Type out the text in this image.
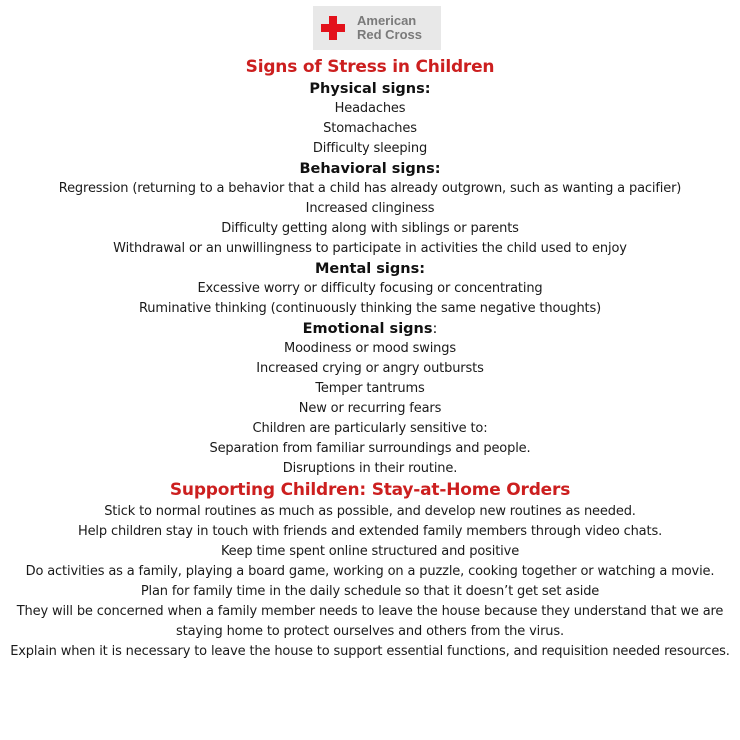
American
Red Cross
Signs of Stress in Children
Physical signs:
Headaches
Stomachaches
Difficulty sleeping
Behavioral signs:
Regression (returning to a behavior that a child has already outgrown, such as wanting a pacifier)
Increased clinginess
Difficulty getting along with siblings or parents
Withdrawal or an unwillingness to participate in activities the child used to enjoy
Mental signs:
Excessive worry or difficulty focusing or concentrating
Ruminative thinking (continuously thinking the same negative thoughts)
Emotional signs:
Moodiness or mood swings
Increased crying or angry outbursts
Temper tantrums
New or recurring fears
Children are particularly sensitive to:
Separation from familiar surroundings and people.
Disruptions in their routine.
Supporting Children: Stay-at-Home Orders
Stick to normal routines as much as possible, and develop new routines as needed.
Help children stay in touch with friends and extended family members through video chats.
Keep time spent online structured and positive
Do activities as a family, playing a board game, working on a puzzle, cooking together or watching a movie.
Plan for family time in the daily schedule so that it doesn’t get set aside
They will be concerned when a family member needs to leave the house because they understand that we are staying home to protect ourselves and others from the virus.
Explain when it is necessary to leave the house to support essential functions, and requisition needed resources.
